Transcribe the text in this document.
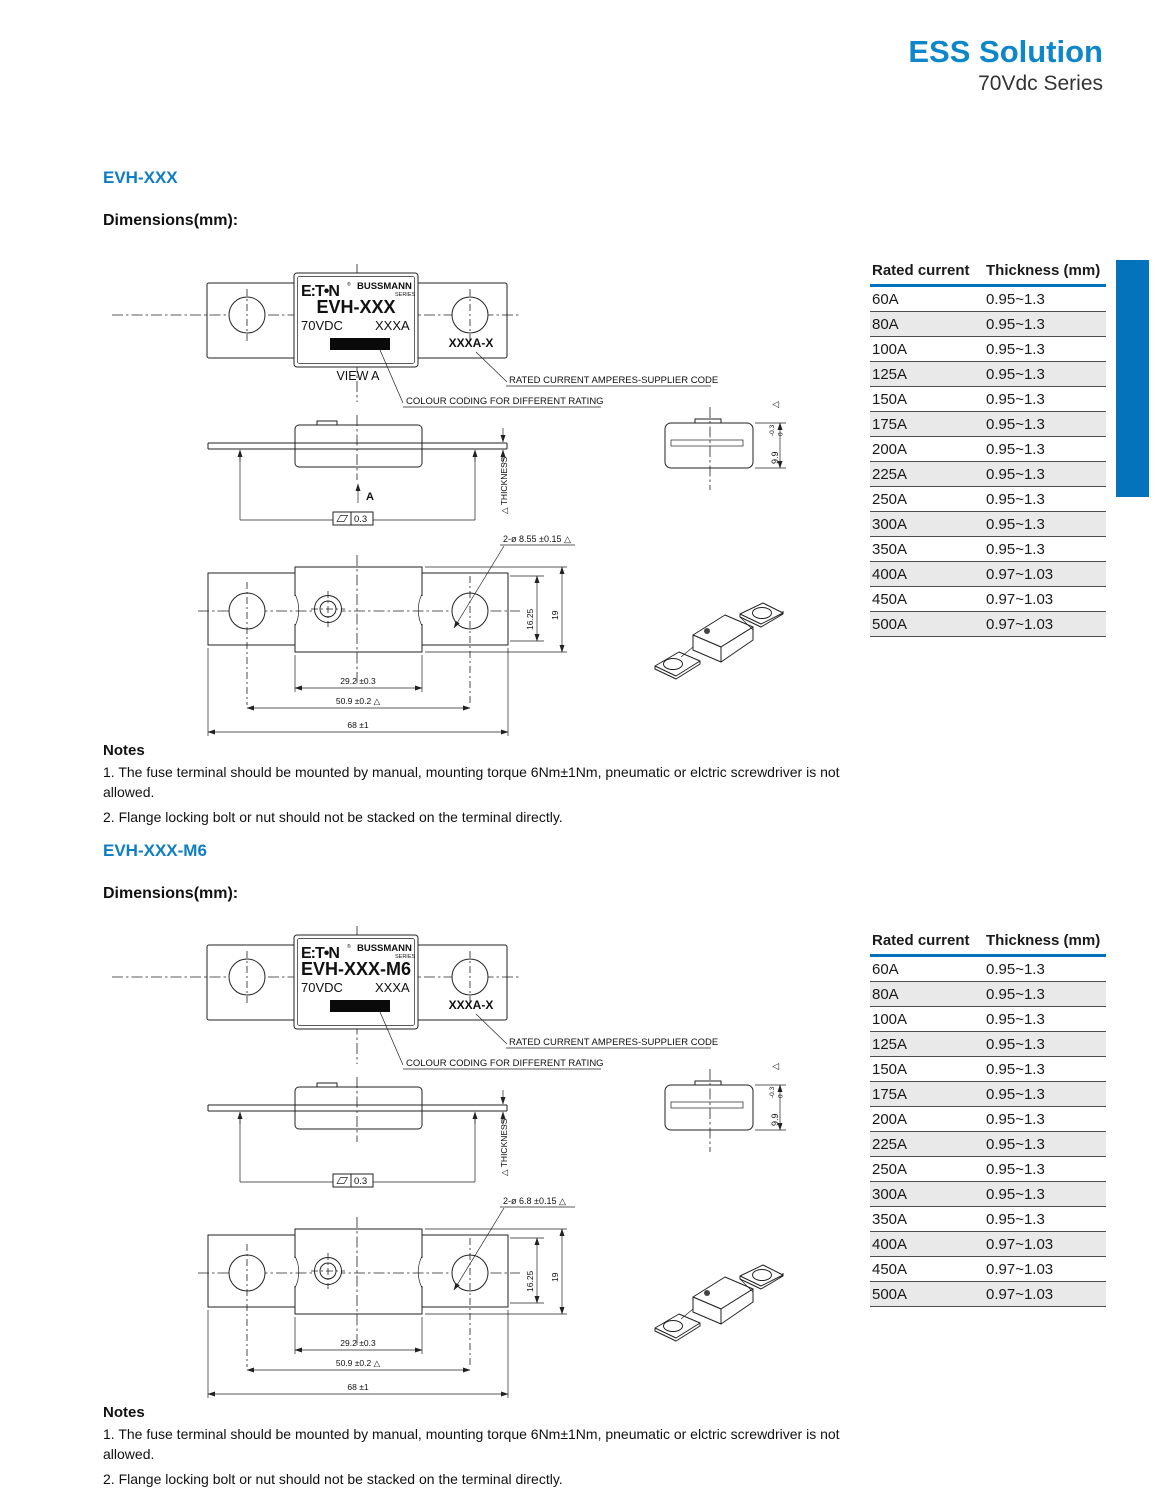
ESS Solution
70Vdc Series
EVH-XXX
Dimensions(mm):
E:T•N ® BUSSMANN
SERIES
EVH-XXX
70VDC XXXA
XXXA-X
VIEW A
COLOUR CODING FOR DIFFERENT RATING
RATED CURRENT AMPERES-SUPPLIER CODE
0.3
A	△ THICKNESS	9.9
0
-0.3
△
2-ø 8.55 ±0.15 △
16.25 19
29.2 ±0.3
50.9 ±0.2 △
68 ±1
Rated current	Thickness (mm)
60A	0.95~1.3
80A	0.95~1.3
100A	0.95~1.3
125A	0.95~1.3
150A	0.95~1.3
175A	0.95~1.3
200A	0.95~1.3
225A	0.95~1.3
250A	0.95~1.3
300A	0.95~1.3
350A	0.95~1.3
400A	0.97~1.03
450A	0.97~1.03
500A	0.97~1.03
Notes
1. The fuse terminal should be mounted by manual, mounting torque 6Nm±1Nm, pneumatic or elctric screwdriver is not allowed.
2. Flange locking bolt or nut should not be stacked on the terminal directly.
EVH-XXX-M6
Dimensions(mm):
E:T•N ® BUSSMANN
SERIES
EVH-XXX-M6
70VDC XXXA
XXXA-X
COLOUR CODING FOR DIFFERENT RATING
RATED CURRENT AMPERES-SUPPLIER CODE
0.3
△ THICKNESS	9.9
0
-0.3
△
2-ø 6.8 ±0.15 △
16.25 19
29.2 ±0.3
50.9 ±0.2 △
68 ±1
Rated current	Thickness (mm)
60A	0.95~1.3
80A	0.95~1.3
100A	0.95~1.3
125A	0.95~1.3
150A	0.95~1.3
175A	0.95~1.3
200A	0.95~1.3
225A	0.95~1.3
250A	0.95~1.3
300A	0.95~1.3
350A	0.95~1.3
400A	0.97~1.03
450A	0.97~1.03
500A	0.97~1.03
Notes
1. The fuse terminal should be mounted by manual, mounting torque 6Nm±1Nm, pneumatic or elctric screwdriver is not allowed.
2. Flange locking bolt or nut should not be stacked on the terminal directly.
